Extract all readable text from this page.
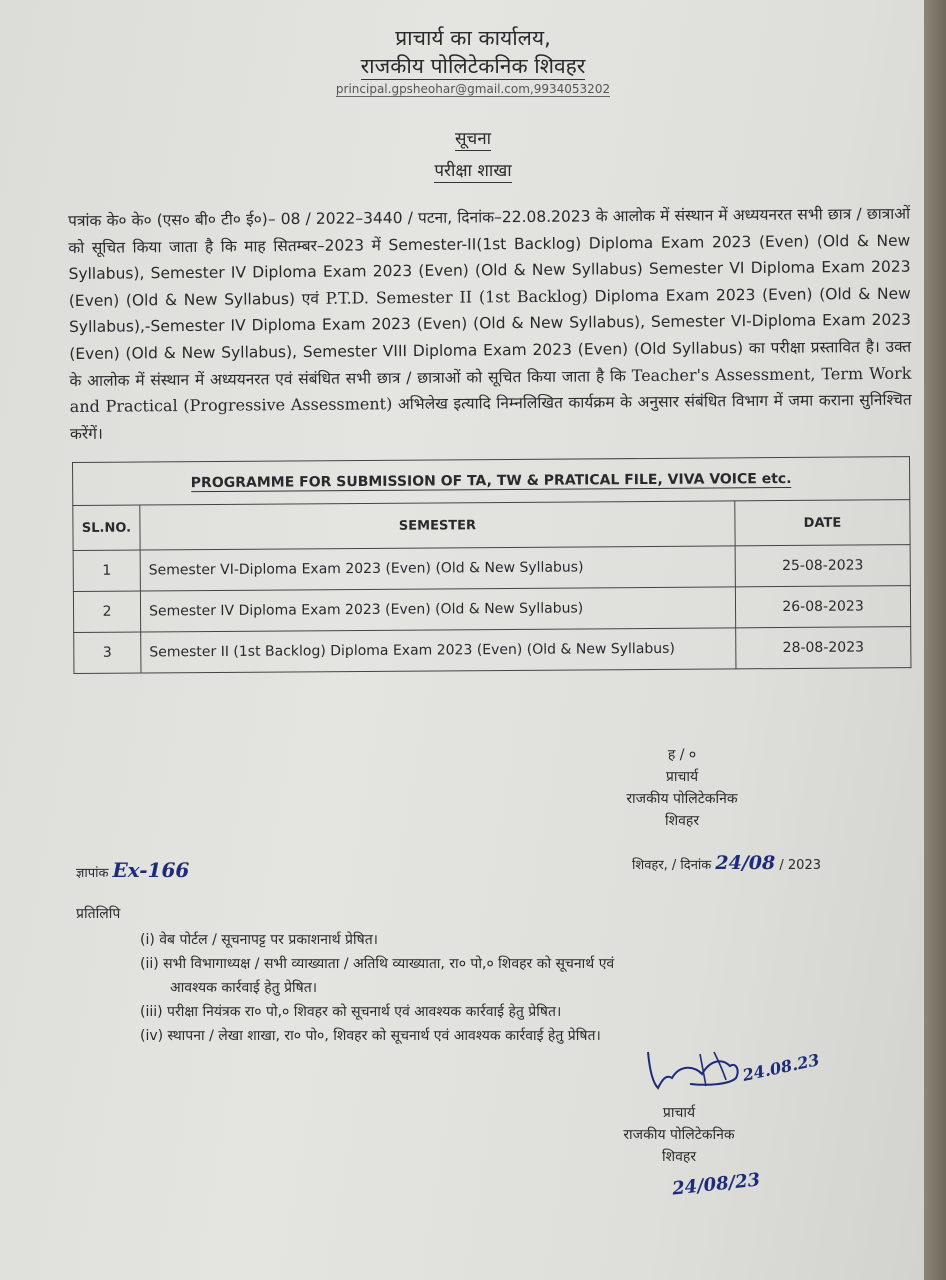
प्राचार्य का कार्यालय,
राजकीय पोलिटेकनिक शिवहर
principal.gpsheohar@gmail.com,9934053202
सूचना
परीक्षा शाखा
पत्रांक के० के० (एस० बी० टी० ई०)– 08 / 2022–3440 / पटना, दिनांक–22.08.2023 के आलोक में संस्थान में अध्ययनरत सभी छात्र / छात्राओं को सूचित किया जाता है कि माह सितम्बर–2023 में Semester-II(1st Backlog) Diploma Exam 2023 (Even) (Old & New Syllabus), Semester IV Diploma Exam 2023 (Even) (Old & New Syllabus) Semester VI Diploma Exam 2023 (Even) (Old & New Syllabus) एवं P.T.D. Semester II (1st Backlog) Diploma Exam 2023 (Even) (Old & New Syllabus),-Semester IV Diploma Exam 2023 (Even) (Old & New Syllabus), Semester VI-Diploma Exam 2023 (Even) (Old & New Syllabus), Semester VIII Diploma Exam 2023 (Even) (Old Syllabus) का परीक्षा प्रस्तावित है। उक्त के आलोक में संस्थान में अध्ययनरत एवं संबंधित सभी छात्र / छात्राओं को सूचित किया जाता है कि Teacher's Assessment, Term Work and Practical (Progressive Assessment) अभिलेख इत्यादि निम्नलिखित कार्यक्रम के अनुसार संबंधित विभाग में जमा कराना सुनिश्चित करेंगें।
PROGRAMME FOR SUBMISSION OF TA, TW & PRATICAL FILE, VIVA VOICE etc.		
SL.NO.	SEMESTER	DATE
1	Semester VI-Diploma Exam 2023 (Even) (Old & New Syllabus)	25-08-2023
2	Semester IV Diploma Exam 2023 (Even) (Old & New Syllabus)	26-08-2023
3	Semester II (1st Backlog) Diploma Exam 2023 (Even) (Old & New Syllabus)	28-08-2023
ह / ०
प्राचार्य
राजकीय पोलिटेकनिक
शिवहर
ज्ञापांक Ex-166	शिवहर, / दिनांक 24/08 / 2023
प्रतिलिपि
(i) वेब पोर्टल / सूचनापट्ट पर प्रकाशनार्थ प्रेषित।
(ii) सभी विभागाध्यक्ष / सभी व्याख्याता / अतिथि व्याख्याता, रा० पो,० शिवहर को सूचनार्थ एवं
आवश्यक कार्रवाई हेतु प्रेषित।
(iii) परीक्षा नियंत्रक रा० पो,० शिवहर को सूचनार्थ एवं आवश्यक कार्रवाई हेतु प्रेषित।
(iv) स्थापना / लेखा शाखा, रा० पो०, शिवहर को सूचनार्थ एवं आवश्यक कार्रवाई हेतु प्रेषित।
24.08.23
प्राचार्य
राजकीय पोलिटेकनिक
शिवहर
24/08/23
